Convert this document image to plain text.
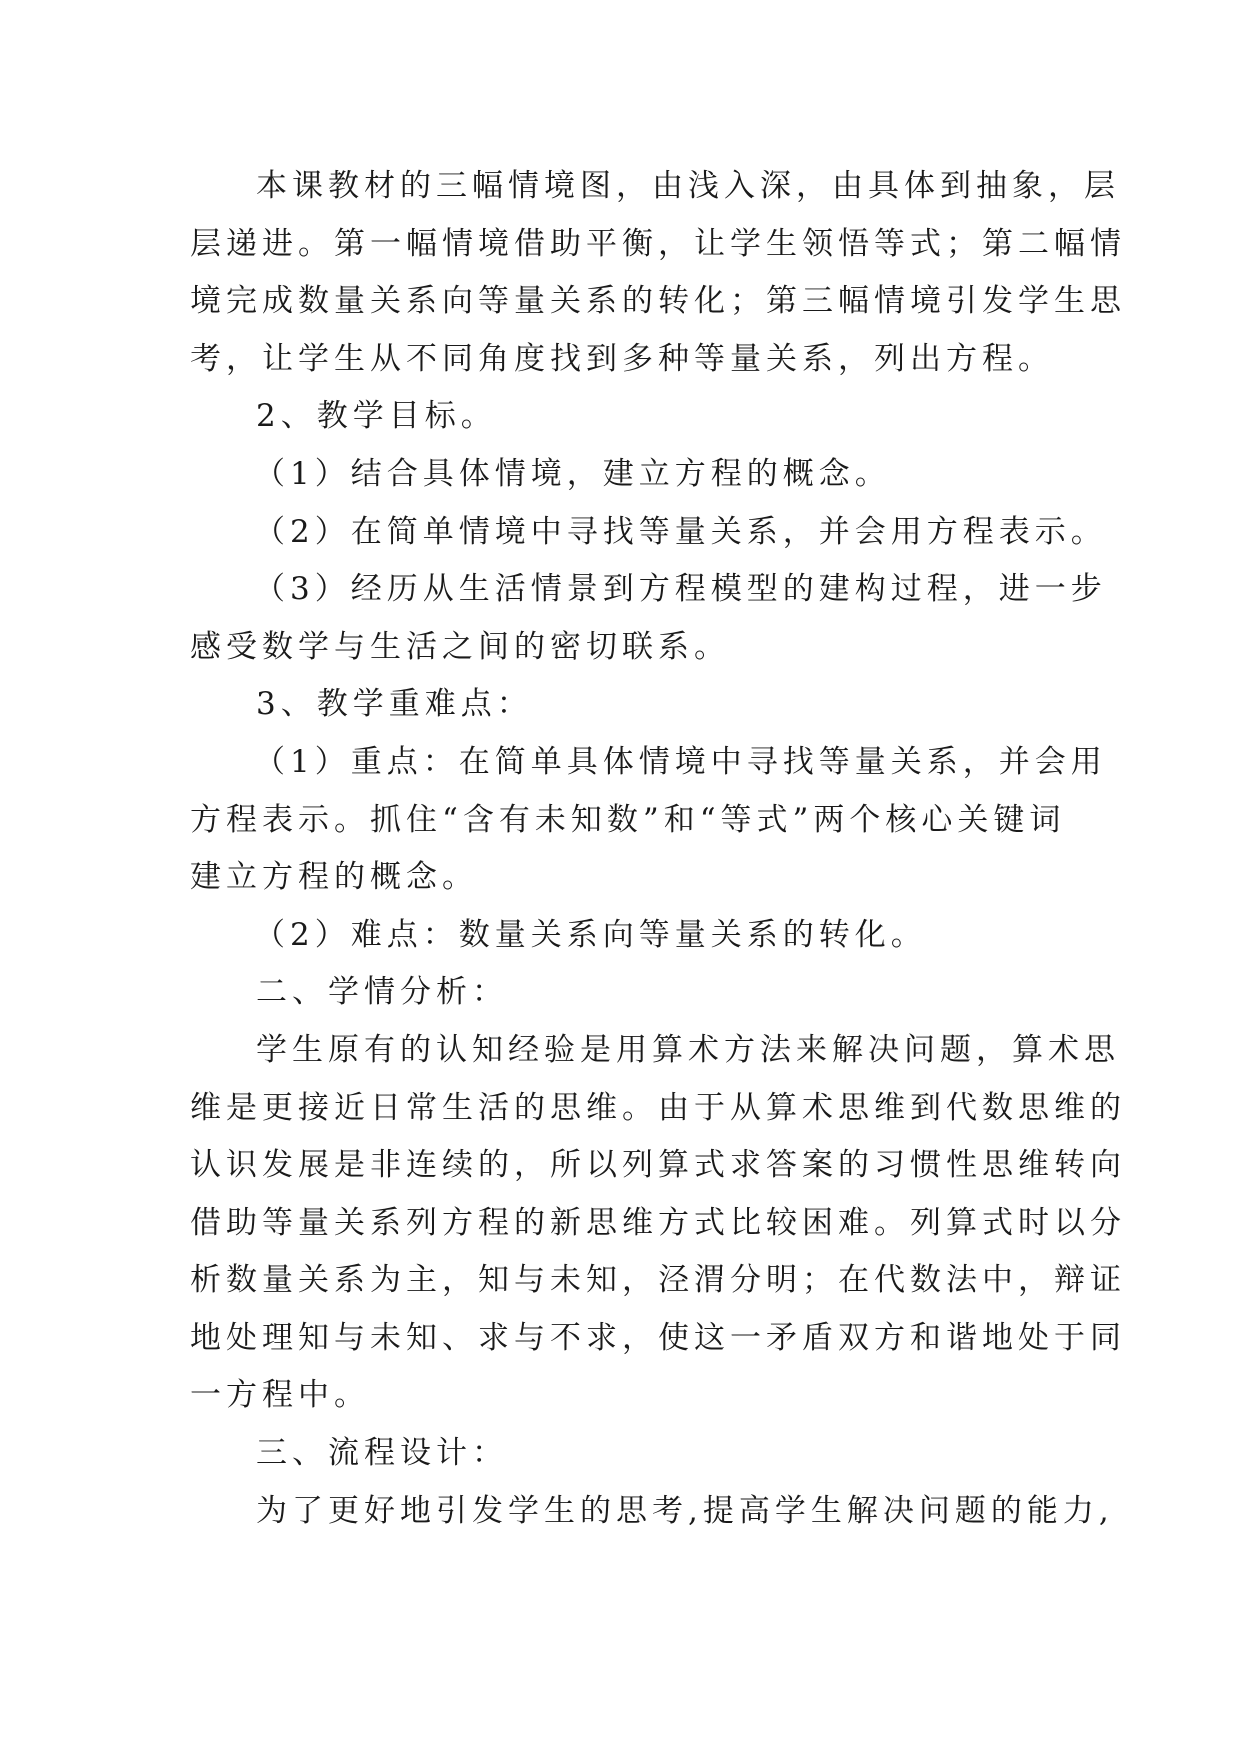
本课教材的三幅情境图，由浅入深，由具体到抽象，层
层递进。第一幅情境借助平衡，让学生领悟等式；第二幅情
境完成数量关系向等量关系的转化；第三幅情境引发学生思
考，让学生从不同角度找到多种等量关系，列出方程。
2、教学目标。
（1）结合具体情境，建立方程的概念。
（2）在简单情境中寻找等量关系，并会用方程表示。
（3）经历从生活情景到方程模型的建构过程，进一步
感受数学与生活之间的密切联系。
3、教学重难点：
（1）重点：在简单具体情境中寻找等量关系，并会用
方程表示。抓住“含有未知数”和“等式”两个核心关键词
建立方程的概念。
（2）难点：数量关系向等量关系的转化。
二、学情分析：
学生原有的认知经验是用算术方法来解决问题，算术思
维是更接近日常生活的思维。由于从算术思维到代数思维的
认识发展是非连续的，所以列算式求答案的习惯性思维转向
借助等量关系列方程的新思维方式比较困难。列算式时以分
析数量关系为主，知与未知，泾渭分明；在代数法中，辩证
地处理知与未知、求与不求，使这一矛盾双方和谐地处于同
一方程中。
三、流程设计：
为了更好地引发学生的思考,提高学生解决问题的能力,
